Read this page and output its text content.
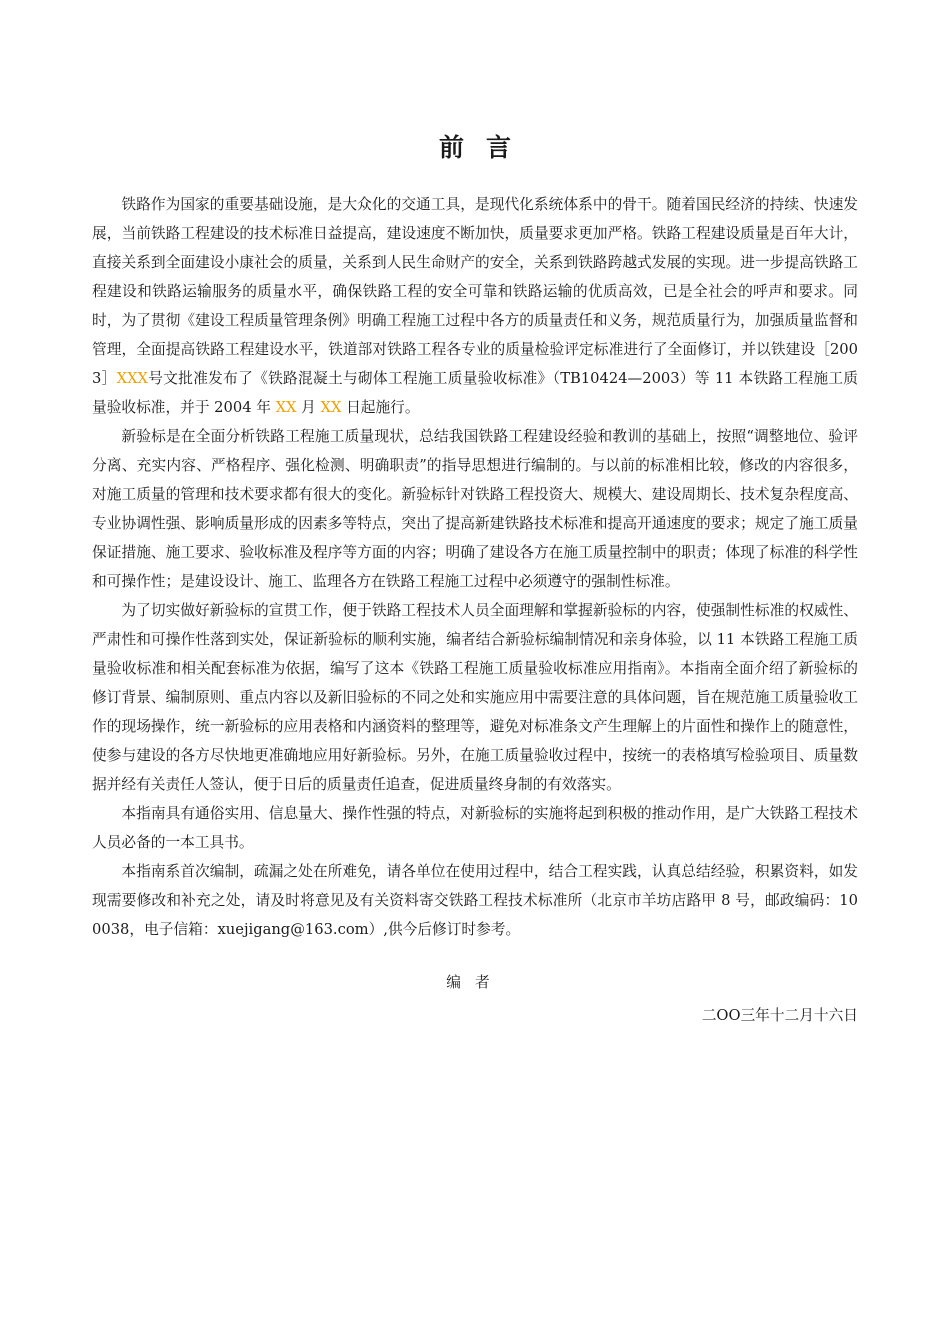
前言

铁路作为国家的重要基础设施，是大众化的交通工具，是现代化系统体系中的骨干。随着国民经济的持续、快速发展，当前铁路工程建设的技术标准日益提高，建设速度不断加快，质量要求更加严格。铁路工程建设质量是百年大计，直接关系到全面建设小康社会的质量，关系到人民生命财产的安全，关系到铁路跨越式发展的实现。进一步提高铁路工程建设和铁路运输服务的质量水平，确保铁路工程的安全可靠和铁路运输的优质高效，已是全社会的呼声和要求。同时，为了贯彻《建设工程质量管理条例》明确工程施工过程中各方的质量责任和义务，规范质量行为，加强质量监督和管理，全面提高铁路工程建设水平，铁道部对铁路工程各专业的质量检验评定标准进行了全面修订，并以铁建设［2003］XXX号文批准发布了《铁路混凝土与砌体工程施工质量验收标准》（TB10424—2003）等 11 本铁路工程施工质量验收标准，并于 2004 年 XX 月 XX 日起施行。

新验标是在全面分析铁路工程施工质量现状，总结我国铁路工程建设经验和教训的基础上，按照“调整地位、验评分离、充实内容、严格程序、强化检测、明确职责”的指导思想进行编制的。与以前的标准相比较，修改的内容很多，对施工质量的管理和技术要求都有很大的变化。新验标针对铁路工程投资大、规模大、建设周期长、技术复杂程度高、专业协调性强、影响质量形成的因素多等特点，突出了提高新建铁路技术标准和提高开通速度的要求；规定了施工质量保证措施、施工要求、验收标准及程序等方面的内容；明确了建设各方在施工质量控制中的职责；体现了标准的科学性和可操作性；是建设设计、施工、监理各方在铁路工程施工过程中必须遵守的强制性标准。

为了切实做好新验标的宣贯工作，便于铁路工程技术人员全面理解和掌握新验标的内容，使强制性标准的权威性、严肃性和可操作性落到实处，保证新验标的顺利实施，编者结合新验标编制情况和亲身体验，以 11 本铁路工程施工质量验收标准和相关配套标准为依据，编写了这本《铁路工程施工质量验收标准应用指南》。本指南全面介绍了新验标的修订背景、编制原则、重点内容以及新旧验标的不同之处和实施应用中需要注意的具体问题，旨在规范施工质量验收工作的现场操作，统一新验标的应用表格和内涵资料的整理等，避免对标准条文产生理解上的片面性和操作上的随意性，使参与建设的各方尽快地更准确地应用好新验标。另外，在施工质量验收过程中，按统一的表格填写检验项目、质量数据并经有关责任人签认，便于日后的质量责任追查，促进质量终身制的有效落实。

本指南具有通俗实用、信息量大、操作性强的特点，对新验标的实施将起到积极的推动作用，是广大铁路工程技术人员必备的一本工具书。

本指南系首次编制，疏漏之处在所难免，请各单位在使用过程中，结合工程实践，认真总结经验，积累资料，如发现需要修改和补充之处，请及时将意见及有关资料寄交铁路工程技术标准所（北京市羊坊店路甲 8 号，邮政编码：100038，电子信箱：xuejigang@163.com）,供今后修订时参考。

编者
二OO三年十二月十六日
